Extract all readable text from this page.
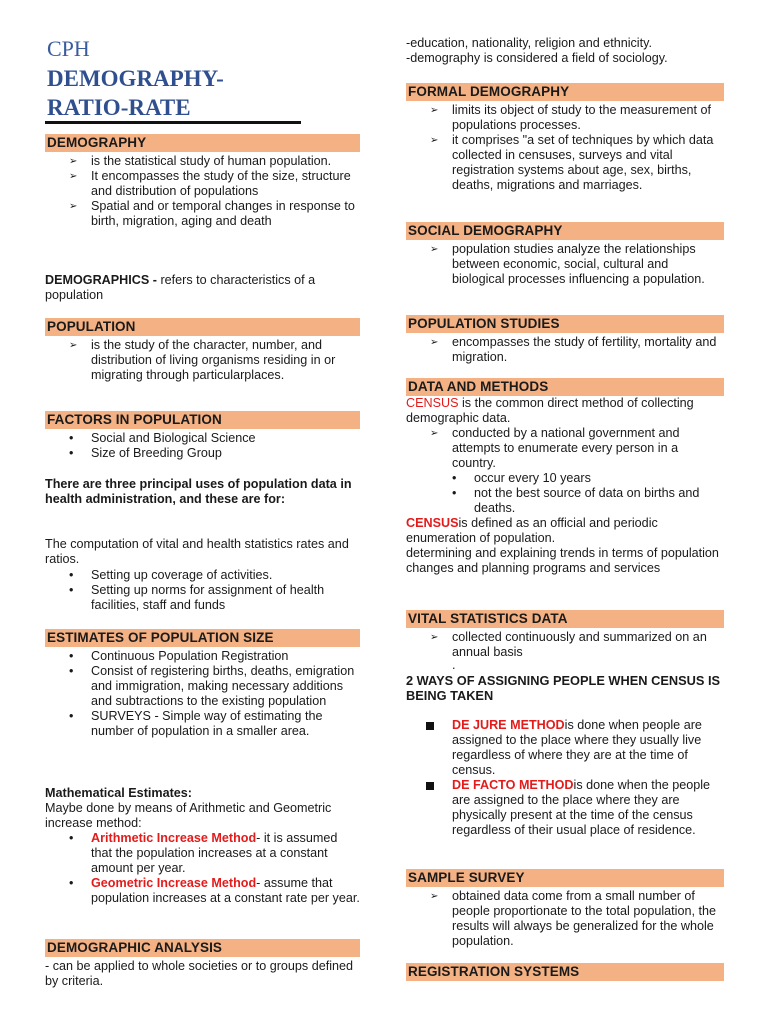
CPH
DEMOGRAPHY-
RATIO-RATE
DEMOGRAPHY
➢ is the statistical study of human population.
➢ It encompasses the study of the size, structure and distribution of populations
➢ Spatial and or temporal changes in response to birth, migration, aging and death

DEMOGRAPHICS - refers to characteristics of a population

POPULATION
➢ is the study of the character, number, and distribution of living organisms residing in or migrating through particularplaces.
FACTORS IN POPULATION
• Social and Biological Science
• Size of Breeding Group

There are three principal uses of population data in health administration, and these are for:

The computation of vital and health statistics rates and ratios.

• Setting up coverage of activities.
• Setting up norms for assignment of health facilities, staff and funds
ESTIMATES OF POPULATION SIZE
• Continuous Population Registration
• Consist of registering births, deaths, emigration and immigration, making necessary additions and subtractions to the existing population
• SURVEYS - Simple way of estimating the number of population in a smaller area.

Mathematical Estimates:

Maybe done by means of Arithmetic and Geometric increase method:

• Arithmetic Increase Method- it is assumed that the population increases at a constant amount per year.
• Geometric Increase Method- assume that population increases at a constant rate per year.
DEMOGRAPHIC ANALYSIS

- can be applied to whole societies or to groups defined by criteria.

-education, nationality, religion and ethnicity.

-demography is considered a field of sociology.

FORMAL DEMOGRAPHY
➢ limits its object of study to the measurement of populations processes.
➢ it comprises "a set of techniques by which data collected in censuses, surveys and vital registration systems about age, sex, births, deaths, migrations and marriages.
SOCIAL DEMOGRAPHY
➢ population studies analyze the relationships between economic, social, cultural and biological processes influencing a population.
POPULATION STUDIES
➢ encompasses the study of fertility, mortality and migration.
DATA AND METHODS

CENSUS is the common direct method of collecting demographic data.

➢ conducted by a national government and attempts to enumerate every person in a country.
• occur every 10 years
• not the best source of data on births and deaths.

CENSUSis defined as an official and periodic enumeration of population.

determining and explaining trends in terms of population changes and planning programs and services

VITAL STATISTICS DATA
➢ collected continuously and summarized on an annual basis

.

2 WAYS OF ASSIGNING PEOPLE WHEN CENSUS IS BEING TAKEN

DE JURE METHODis done when people are assigned to the place where they usually live regardless of where they are at the time of census.
DE FACTO METHODis done when the people are assigned to the place where they are physically present at the time of the census regardless of their usual place of residence.
SAMPLE SURVEY
➢ obtained data come from a small number of people proportionate to the total population, the results will always be generalized for the whole population.
REGISTRATION SYSTEMS
